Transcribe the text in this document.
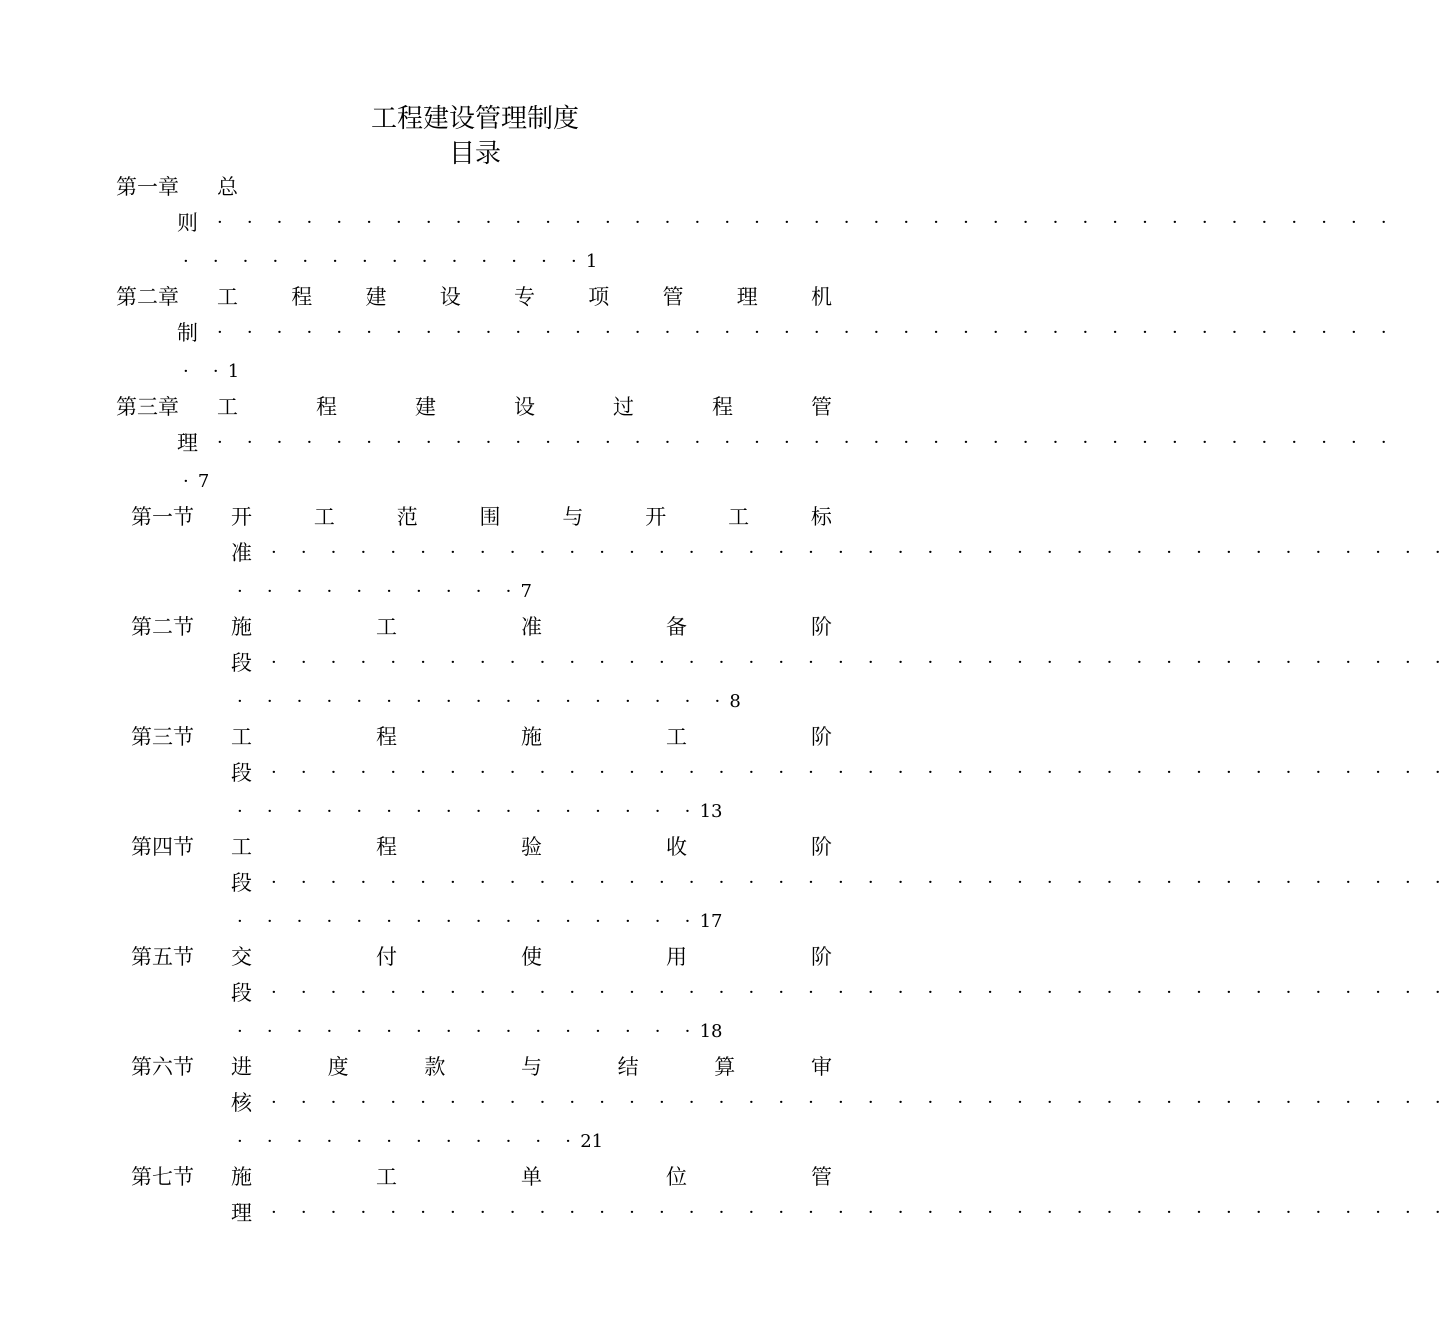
工程建设管理制度
目录
第一章 总
则 · · · · · · · · · · · · · · · · · · · · · · · · · · · · · · · · · · · · · · · ·
· · · · · · · · · · · · · ·1
第二章 工	程	建	设	专	项	管	理	机
制 · · · · · · · · · · · · · · · · · · · · · · · · · · · · · · · · · · · · · · · ·
· ·1
第三章 工	程	建	设	过	程	管
理 · · · · · · · · · · · · · · · · · · · · · · · · · · · · · · · · · · · · · · · ·
·7
第一节 开	工	范	围	与	开	工	标
准 · · · · · · · · · · · · · · · · · · · · · · · · · · · · · · · · · · · · · · · ·
· · · · · · · · · ·7
第二节 施	工	准	备	阶
段 · · · · · · · · · · · · · · · · · · · · · · · · · · · · · · · · · · · · · · · ·
· · · · · · · · · · · · · · · · ·8
第三节 工	程	施	工	阶
段 · · · · · · · · · · · · · · · · · · · · · · · · · · · · · · · · · · · · · · · ·
· · · · · · · · · · · · · · · ·13
第四节 工	程	验	收	阶
段 · · · · · · · · · · · · · · · · · · · · · · · · · · · · · · · · · · · · · · · ·
· · · · · · · · · · · · · · · ·17
第五节 交	付	使	用	阶
段 · · · · · · · · · · · · · · · · · · · · · · · · · · · · · · · · · · · · · · · ·
· · · · · · · · · · · · · · · ·18
第六节 进	度	款	与	结	算	审
核 · · · · · · · · · · · · · · · · · · · · · · · · · · · · · · · · · · · · · · · ·
· · · · · · · · · · · ·21
第七节 施	工	单	位	管
理 · · · · · · · · · · · · · · · · · · · · · · · · · · · · · · · · · · · · · · · ·
